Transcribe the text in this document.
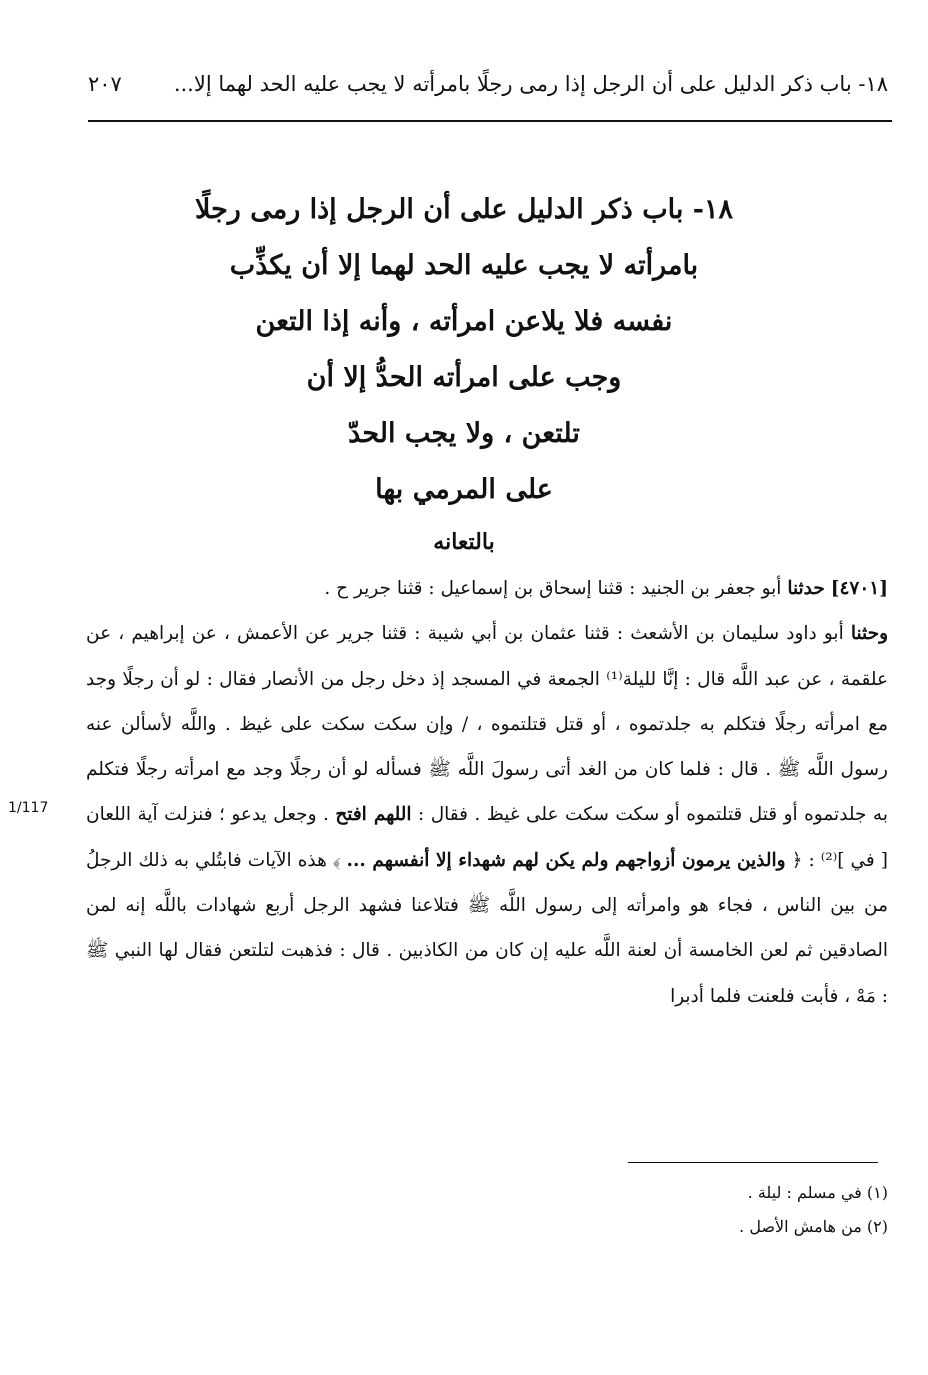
١٨- باب ذكر الدليل على أن الرجل إذا رمى رجلًا بامرأته لا يجب عليه الحد لهما إلا...
٢٠٧
١٨- باب ذكر الدليل على أن الرجل إذا رمى رجلًا
بامرأته لا يجب عليه الحد لهما إلا أن يكذِّب
نفسه فلا يلاعن امرأته ، وأنه إذا التعن
وجب على امرأته الحدُّ إلا أن
تلتعن ، ولا يجب الحدّ
على المرمي بها
بالتعانه

[٤٧٠١] حدثنا أبو جعفر بن الجنيد : قثنا إسحاق بن إسماعيل : قثنا جرير ح .

وحثنا أبو داود سليمان بن الأشعث : قثنا عثمان بن أبي شيبة : قثنا جرير عن الأعمش ، عن إبراهيم ، عن علقمة ، عن عبد اللَّه قال : إنَّا لليلة⁽¹⁾ الجمعة في المسجد إذ دخل رجل من الأنصار فقال : لو أن رجلًا وجد مع امرأته رجلًا فتكلم به جلدتموه ، أو قتل قتلتموه ، / وإن سكت سكت على غيظ . واللَّه لأسألن عنه رسول اللَّه ﷺ . قال : فلما كان من الغد أتى رسولَ اللَّه ﷺ فسأله لو أن رجلًا وجد مع امرأته رجلًا فتكلم به جلدتموه أو قتل قتلتموه أو سكت سكت على غيظ . فقال : اللهم افتح . وجعل يدعو ؛ فنزلت آية اللعان [ في ]⁽²⁾ : ﴿ والذين يرمون أزواجهم ولم يكن لهم شهداء إلا أنفسهم ... ﴾ هذه الآيات فابتُلي به ذلك الرجلُ من بين الناس ، فجاء هو وامرأته إلى رسول اللَّه ﷺ فتلاعنا فشهد الرجل أربع شهادات باللَّه إنه لمن الصادقين ثم لعن الخامسة أن لعنة اللَّه عليه إن كان من الكاذبين . قال : فذهبت لتلتعن فقال لها النبي ﷺ : مَهْ ، فأبت فلعنت فلما أدبرا

1/117
(١) في مسلم : ليلة .
(٢) من هامش الأصل .
